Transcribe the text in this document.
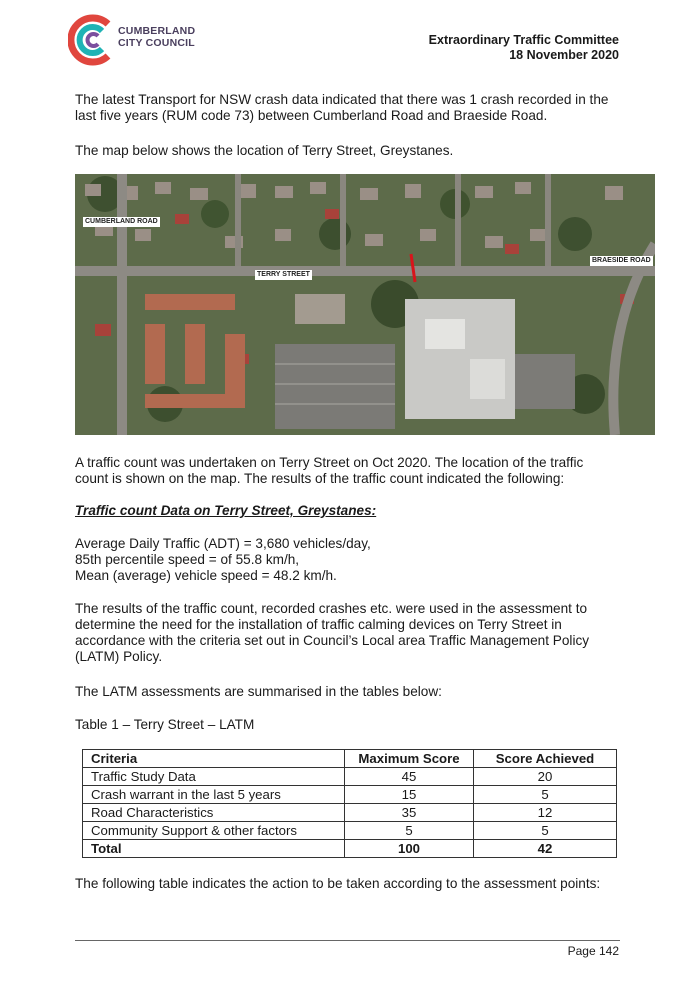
CUMBERLAND
CITY COUNCIL	Extraordinary Traffic Committee
18 November 2020
The latest Transport for NSW crash data indicated that there was 1 crash recorded in the last five years (RUM code 73) between Cumberland Road and Braeside Road.
The map below shows the location of Terry Street, Greystanes.
CUMBERLAND ROAD
TERRY STREET
BRAESIDE ROAD
A traffic count was undertaken on Terry Street on Oct 2020. The location of the traffic count is shown on the map. The results of the traffic count indicated the following:
Traffic count Data on Terry Street, Greystanes:
Average Daily Traffic (ADT) = 3,680 vehicles/day,
85th percentile speed = of 55.8 km/h,
Mean (average) vehicle speed = 48.2 km/h.
The results of the traffic count, recorded crashes etc. were used in the assessment to determine the need for the installation of traffic calming devices on Terry Street in accordance with the criteria set out in Council’s Local area Traffic Management Policy (LATM) Policy.
The LATM assessments are summarised in the tables below:
Table 1 – Terry Street – LATM
Criteria	Maximum Score	Score Achieved
Traffic Study Data	45	20
Crash warrant in the last 5 years	15	5
Road Characteristics	35	12
Community Support & other factors	5	5
Total	100	42
The following table indicates the action to be taken according to the assessment points:
Page 142
